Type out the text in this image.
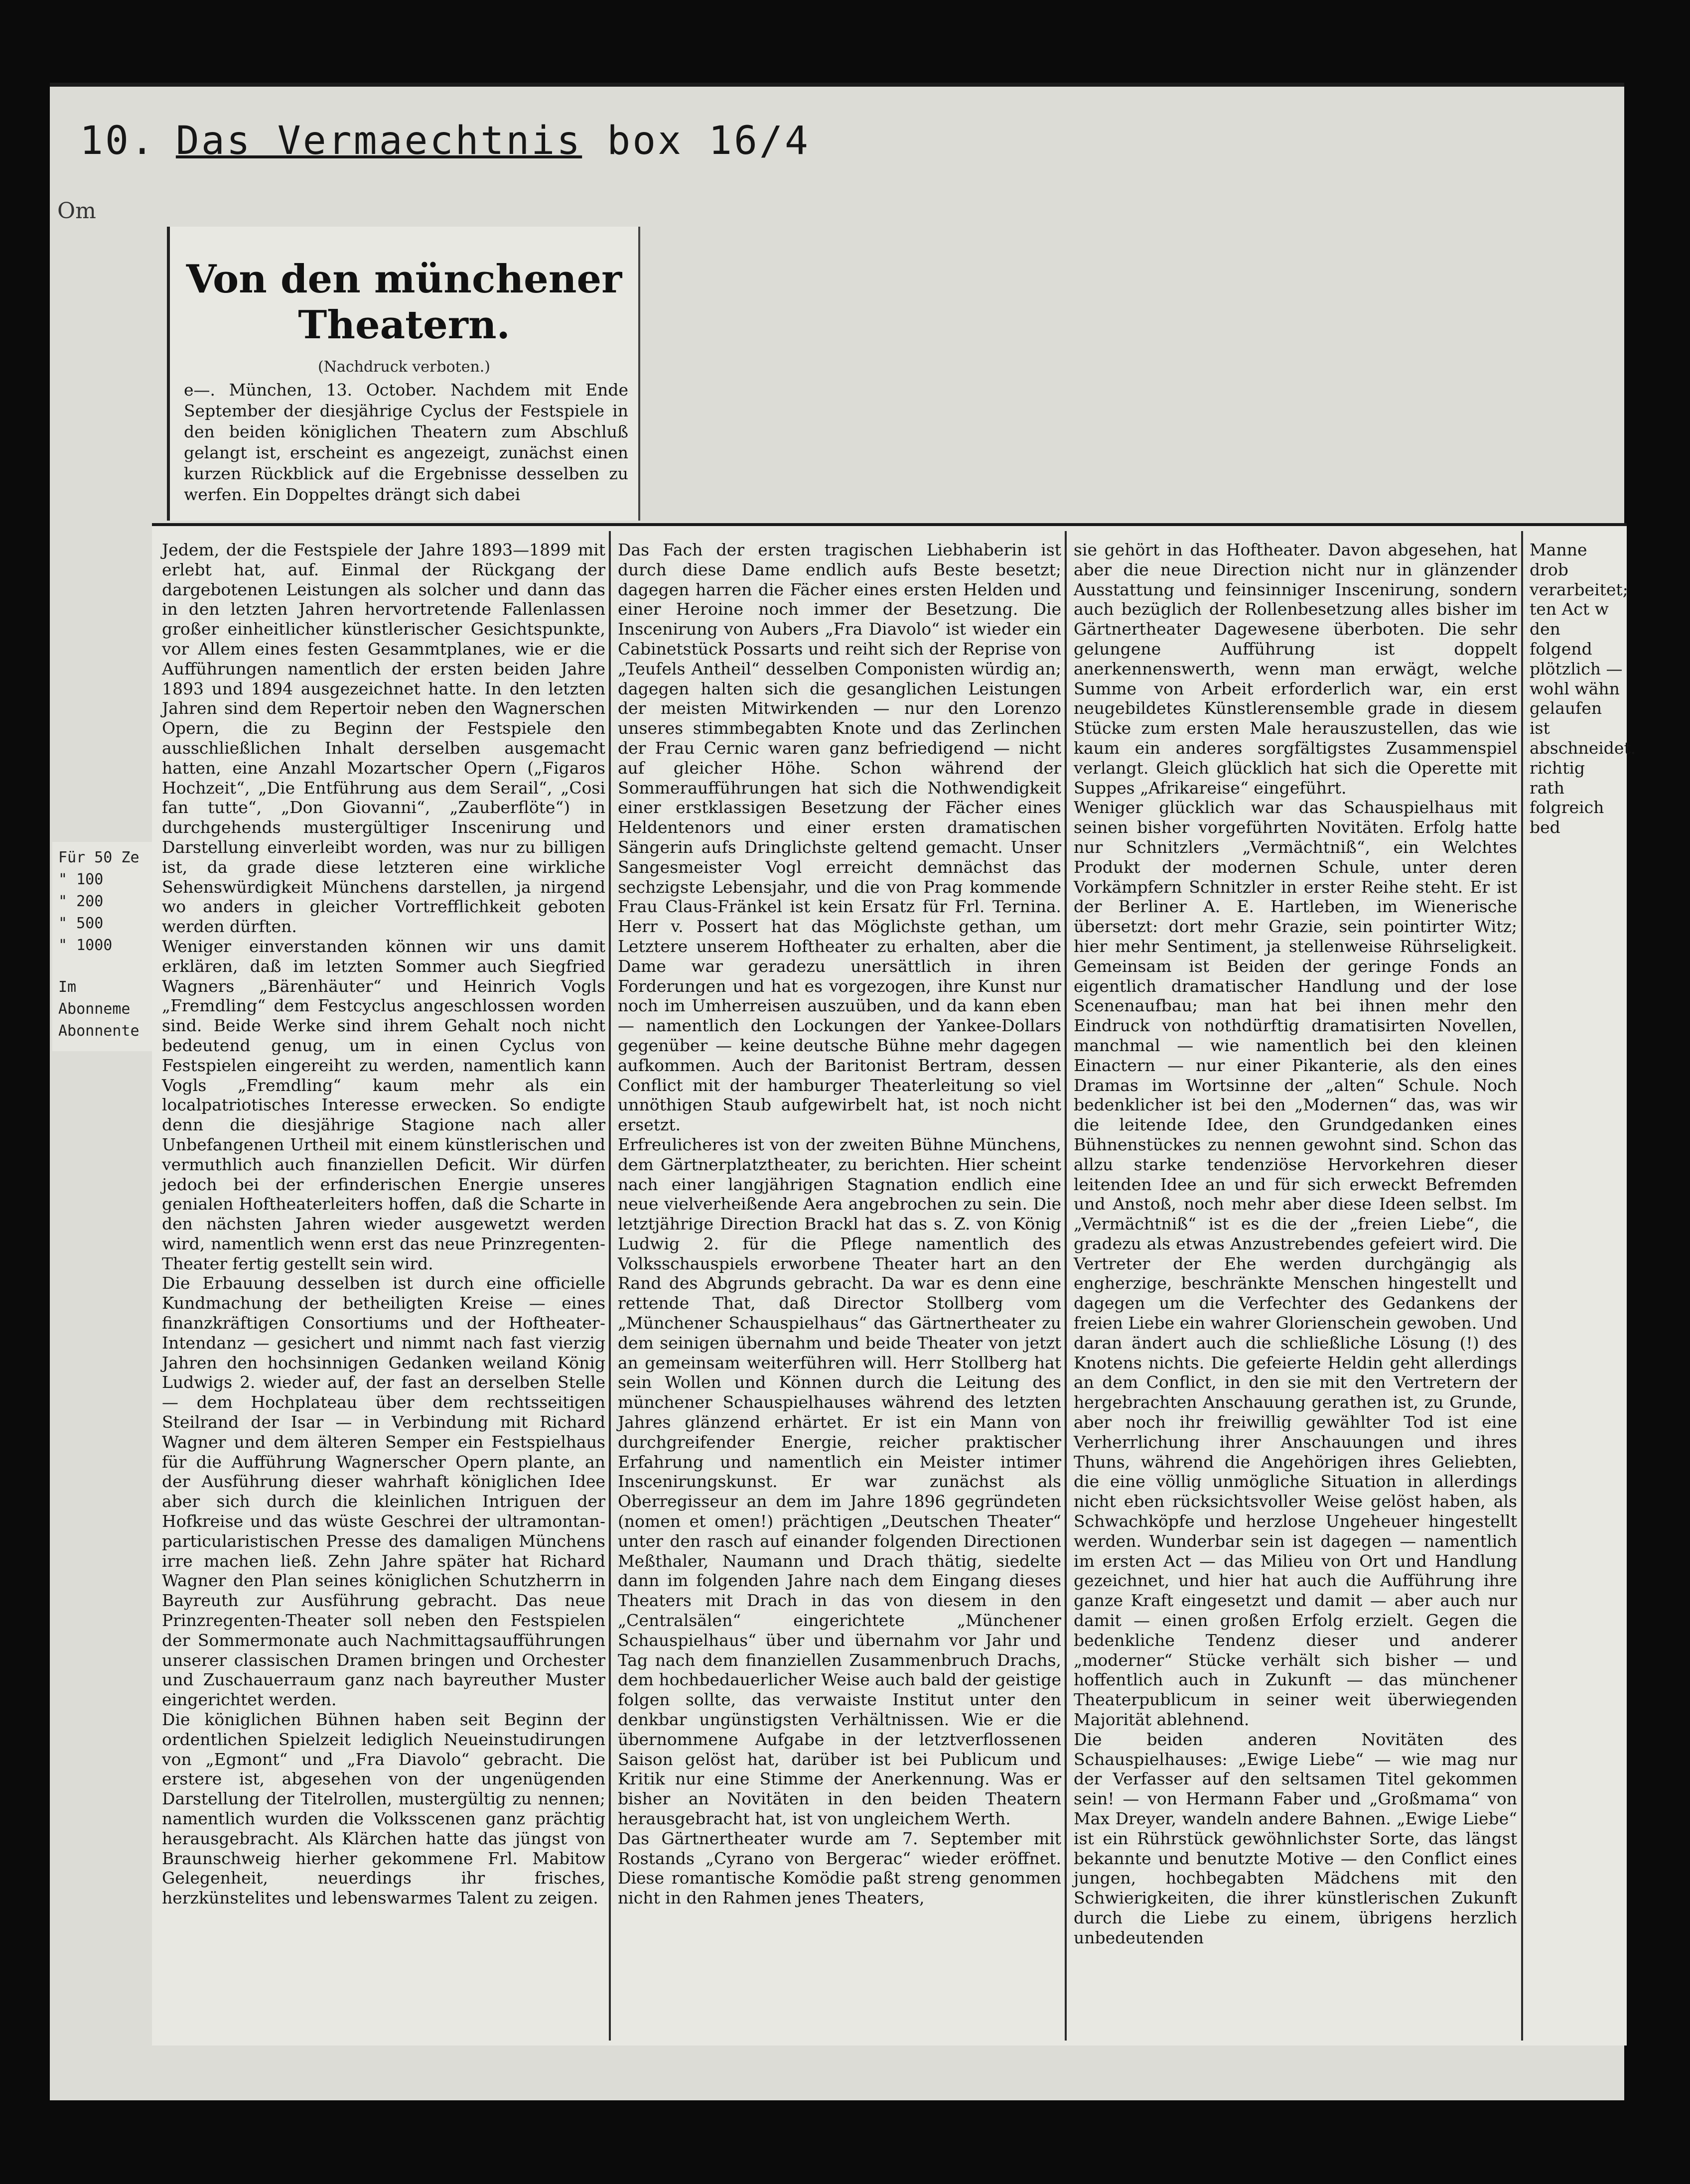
10. Das Vermaechtnis box 16/4
Om
Für 50 Ze
" 100
" 200
" 500
" 1000
Im
Abonneme
Abonnente
Von den münchener
Theatern.
(Nachdruck verboten.)

e—. München, 13. October. Nachdem mit Ende September der diesjährige Cyclus der Festspiele in den beiden königlichen Theatern zum Abschluß gelangt ist, erscheint es angezeigt, zunächst einen kurzen Rückblick auf die Ergebnisse desselben zu werfen. Ein Doppeltes drängt sich dabei

Jedem, der die Festspiele der Jahre 1893—1899 mit erlebt hat, auf. Einmal der Rückgang der dargebotenen Leistungen als solcher und dann das in den letzten Jahren hervortretende Fallenlassen großer einheitlicher künstlerischer Gesichtspunkte, vor Allem eines festen Gesammtplanes, wie er die Aufführungen namentlich der ersten beiden Jahre 1893 und 1894 ausgezeichnet hatte. In den letzten Jahren sind dem Repertoir neben den Wagnerschen Opern, die zu Beginn der Festspiele den ausschließlichen Inhalt derselben ausgemacht hatten, eine Anzahl Mozartscher Opern („Figaros Hochzeit“, „Die Entführung aus dem Serail“, „Cosi fan tutte“, „Don Giovanni“, „Zauberflöte“) in durchgehends mustergültiger Inscenirung und Darstellung einverleibt worden, was nur zu billigen ist, da grade diese letzteren eine wirkliche Sehenswürdigkeit Münchens darstellen, ja nirgend wo anders in gleicher Vortrefflichkeit geboten werden dürften.

Weniger einverstanden können wir uns damit erklären, daß im letzten Sommer auch Siegfried Wagners „Bärenhäuter“ und Heinrich Vogls „Fremdling“ dem Festcyclus angeschlossen worden sind. Beide Werke sind ihrem Gehalt noch nicht bedeutend genug, um in einen Cyclus von Festspielen eingereiht zu werden, namentlich kann Vogls „Fremdling“ kaum mehr als ein localpatriotisches Interesse erwecken. So endigte denn die diesjährige Stagione nach aller Unbefangenen Urtheil mit einem künstlerischen und vermuthlich auch finanziellen Deficit. Wir dürfen jedoch bei der erfinderischen Energie unseres genialen Hoftheaterleiters hoffen, daß die Scharte in den nächsten Jahren wieder ausgewetzt werden wird, namentlich wenn erst das neue Prinzregenten-Theater fertig gestellt sein wird.

Die Erbauung desselben ist durch eine officielle Kundmachung der betheiligten Kreise — eines finanzkräftigen Consortiums und der Hoftheater-Intendanz — gesichert und nimmt nach fast vierzig Jahren den hochsinnigen Gedanken weiland König Ludwigs 2. wieder auf, der fast an derselben Stelle — dem Hochplateau über dem rechtsseitigen Steilrand der Isar — in Verbindung mit Richard Wagner und dem älteren Semper ein Festspielhaus für die Aufführung Wagnerscher Opern plante, an der Ausführung dieser wahrhaft königlichen Idee aber sich durch die kleinlichen Intriguen der Hofkreise und das wüste Geschrei der ultramontan-particularistischen Presse des damaligen Münchens irre machen ließ. Zehn Jahre später hat Richard Wagner den Plan seines königlichen Schutzherrn in Bayreuth zur Ausführung gebracht. Das neue Prinzregenten-Theater soll neben den Festspielen der Sommermonate auch Nachmittagsaufführungen unserer classischen Dramen bringen und Orchester und Zuschauerraum ganz nach bayreuther Muster eingerichtet werden.

Die königlichen Bühnen haben seit Beginn der ordentlichen Spielzeit lediglich Neueinstudirungen von „Egmont“ und „Fra Diavolo“ gebracht. Die erstere ist, abgesehen von der ungenügenden Darstellung der Titelrollen, mustergültig zu nennen; namentlich wurden die Volksscenen ganz prächtig herausgebracht. Als Klärchen hatte das jüngst von Braunschweig hierher gekommene Frl. Mabitow Gelegenheit, neuerdings ihr frisches, herzkünstelites und lebenswarmes Talent zu zeigen.

Das Fach der ersten tragischen Liebhaberin ist durch diese Dame endlich aufs Beste besetzt; dagegen harren die Fächer eines ersten Helden und einer Heroine noch immer der Besetzung. Die Inscenirung von Aubers „Fra Diavolo“ ist wieder ein Cabinetstück Possarts und reiht sich der Reprise von „Teufels Antheil“ desselben Componisten würdig an; dagegen halten sich die gesanglichen Leistungen der meisten Mitwirkenden — nur den Lorenzo unseres stimmbegabten Knote und das Zerlinchen der Frau Cernic waren ganz befriedigend — nicht auf gleicher Höhe. Schon während der Sommeraufführungen hat sich die Nothwendigkeit einer erstklassigen Besetzung der Fächer eines Heldentenors und einer ersten dramatischen Sängerin aufs Dringlichste geltend gemacht. Unser Sangesmeister Vogl erreicht demnächst das sechzigste Lebensjahr, und die von Prag kommende Frau Claus-Fränkel ist kein Ersatz für Frl. Ternina. Herr v. Possert hat das Möglichste gethan, um Letztere unserem Hoftheater zu erhalten, aber die Dame war geradezu unersättlich in ihren Forderungen und hat es vorgezogen, ihre Kunst nur noch im Umherreisen auszuüben, und da kann eben — namentlich den Lockungen der Yankee-Dollars gegenüber — keine deutsche Bühne mehr dagegen aufkommen. Auch der Baritonist Bertram, dessen Conflict mit der hamburger Theaterleitung so viel unnöthigen Staub aufgewirbelt hat, ist noch nicht ersetzt.

Erfreulicheres ist von der zweiten Bühne Münchens, dem Gärtnerplatztheater, zu berichten. Hier scheint nach einer langjährigen Stagnation endlich eine neue vielverheißende Aera angebrochen zu sein. Die letztjährige Direction Brackl hat das s. Z. von König Ludwig 2. für die Pflege namentlich des Volksschauspiels erworbene Theater hart an den Rand des Abgrunds gebracht. Da war es denn eine rettende That, daß Director Stollberg vom „Münchener Schauspielhaus“ das Gärtnertheater zu dem seinigen übernahm und beide Theater von jetzt an gemeinsam weiterführen will. Herr Stollberg hat sein Wollen und Können durch die Leitung des münchener Schauspielhauses während des letzten Jahres glänzend erhärtet. Er ist ein Mann von durchgreifender Energie, reicher praktischer Erfahrung und namentlich ein Meister intimer Inscenirungskunst. Er war zunächst als Oberregisseur an dem im Jahre 1896 gegründeten (nomen et omen!) prächtigen „Deutschen Theater“ unter den rasch auf einander folgenden Directionen Meßthaler, Naumann und Drach thätig, siedelte dann im folgenden Jahre nach dem Eingang dieses Theaters mit Drach in das von diesem in den „Centralsälen“ eingerichtete „Münchener Schauspielhaus“ über und übernahm vor Jahr und Tag nach dem finanziellen Zusammenbruch Drachs, dem hochbedauerlicher Weise auch bald der geistige folgen sollte, das verwaiste Institut unter den denkbar ungünstigsten Verhältnissen. Wie er die übernommene Aufgabe in der letztverflossenen Saison gelöst hat, darüber ist bei Publicum und Kritik nur eine Stimme der Anerkennung. Was er bisher an Novitäten in den beiden Theatern herausgebracht hat, ist von ungleichem Werth.

Das Gärtnertheater wurde am 7. September mit Rostands „Cyrano von Bergerac“ wieder eröffnet. Diese romantische Komödie paßt streng genommen nicht in den Rahmen jenes Theaters,

sie gehört in das Hoftheater. Davon abgesehen, hat aber die neue Direction nicht nur in glänzender Ausstattung und feinsinniger Inscenirung, sondern auch bezüglich der Rollenbesetzung alles bisher im Gärtnertheater Dagewesene überboten. Die sehr gelungene Aufführung ist doppelt anerkennenswerth, wenn man erwägt, welche Summe von Arbeit erforderlich war, ein erst neugebildetes Künstlerensemble grade in diesem Stücke zum ersten Male herauszustellen, das wie kaum ein anderes sorgfältigstes Zusammenspiel verlangt. Gleich glücklich hat sich die Operette mit Suppes „Afrikareise“ eingeführt.

Weniger glücklich war das Schauspielhaus mit seinen bisher vorgeführten Novitäten. Erfolg hatte nur Schnitzlers „Vermächtniß“, ein Welchtes Produkt der modernen Schule, unter deren Vorkämpfern Schnitzler in erster Reihe steht. Er ist der Berliner A. E. Hartleben, im Wienerische übersetzt: dort mehr Grazie, sein pointirter Witz; hier mehr Sentiment, ja stellenweise Rührseligkeit. Gemeinsam ist Beiden der geringe Fonds an eigentlich dramatischer Handlung und der lose Scenenaufbau; man hat bei ihnen mehr den Eindruck von nothdürftig dramatisirten Novellen, manchmal — wie namentlich bei den kleinen Einactern — nur einer Pikanterie, als den eines Dramas im Wortsinne der „alten“ Schule. Noch bedenklicher ist bei den „Modernen“ das, was wir die leitende Idee, den Grundgedanken eines Bühnenstückes zu nennen gewohnt sind. Schon das allzu starke tendenziöse Hervorkehren dieser leitenden Idee an und für sich erweckt Befremden und Anstoß, noch mehr aber diese Ideen selbst. Im „Vermächtniß“ ist es die der „freien Liebe“, die gradezu als etwas Anzustrebendes gefeiert wird. Die Vertreter der Ehe werden durchgängig als engherzige, beschränkte Menschen hingestellt und dagegen um die Verfechter des Gedankens der freien Liebe ein wahrer Glorienschein gewoben. Und daran ändert auch die schließliche Lösung (!) des Knotens nichts. Die gefeierte Heldin geht allerdings an dem Conflict, in den sie mit den Vertretern der hergebrachten Anschauung gerathen ist, zu Grunde, aber noch ihr freiwillig gewählter Tod ist eine Verherrlichung ihrer Anschauungen und ihres Thuns, während die Angehörigen ihres Geliebten, die eine völlig unmögliche Situation in allerdings nicht eben rücksichtsvoller Weise gelöst haben, als Schwachköpfe und herzlose Ungeheuer hingestellt werden. Wunderbar sein ist dagegen — namentlich im ersten Act — das Milieu von Ort und Handlung gezeichnet, und hier hat auch die Aufführung ihre ganze Kraft eingesetzt und damit — aber auch nur damit — einen großen Erfolg erzielt. Gegen die bedenkliche Tendenz dieser und anderer „moderner“ Stücke verhält sich bisher — und hoffentlich auch in Zukunft — das münchener Theaterpublicum in seiner weit überwiegenden Majorität ablehnend.

Die beiden anderen Novitäten des Schauspielhauses: „Ewige Liebe“ — wie mag nur der Verfasser auf den seltsamen Titel gekommen sein! — von Hermann Faber und „Großmama“ von Max Dreyer, wandeln andere Bahnen. „Ewige Liebe“ ist ein Rührstück gewöhnlichster Sorte, das längst bekannte und benutzte Motive — den Conflict eines jungen, hochbegabten Mädchens mit den Schwierigkeiten, die ihrer künstlerischen Zukunft durch die Liebe zu einem, übrigens herzlich unbedeutenden

Manne drob
verarbeitet;
ten Act w
den folgend
plötzlich —
wohl wähn
gelaufen ist
abschneidet.
richtig rath
folgreich bed
